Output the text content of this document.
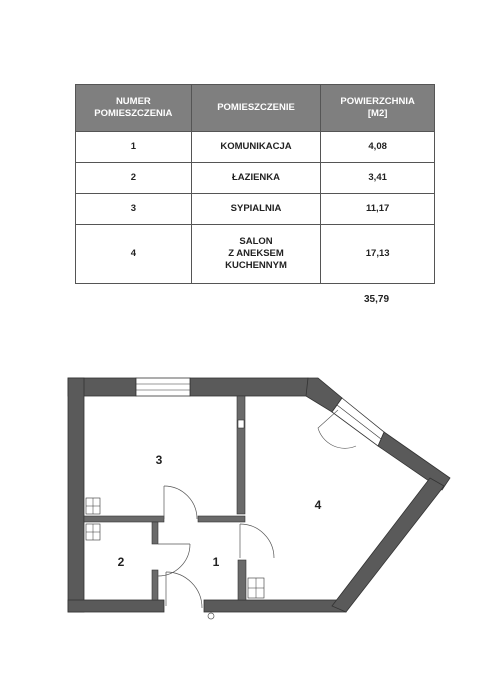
NUMER
POMIESZCZENIA	POMIESZCZENIE	POWIERZCHNIA
[M2]
1	KOMUNIKACJA	4,08
2	ŁAZIENKA	3,41
3	SYPIALNIA	11,17
4	SALON
Z ANEKSEM
KUCHENNYM	17,13
35,79
3
4
2	1
